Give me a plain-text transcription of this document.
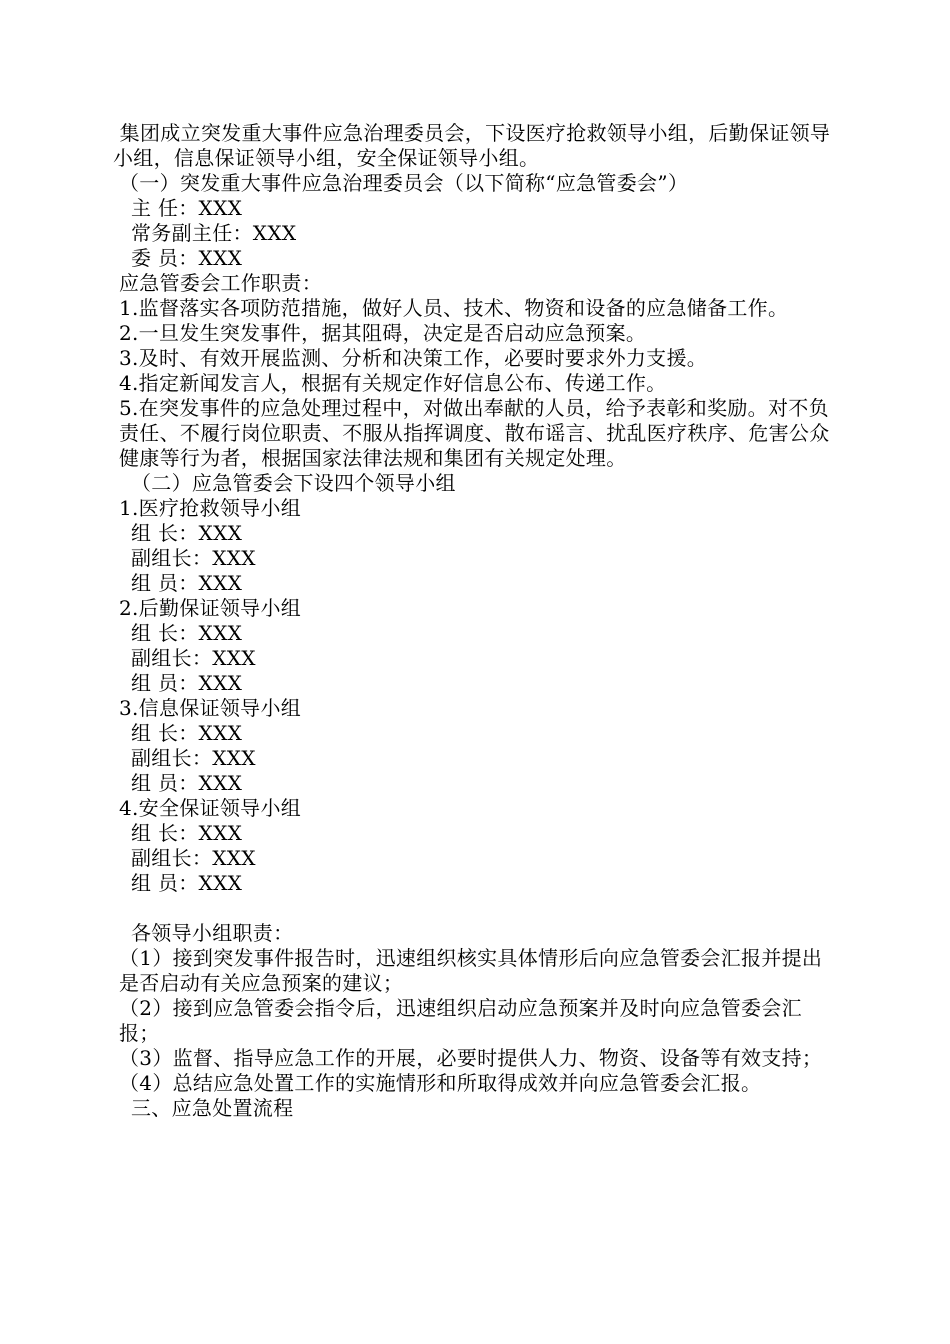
集团成立突发重大事件应急治理委员会，下设医疗抢救领导小组，后勤保证领导小组，信息保证领导小组，安全保证领导小组。

（一）突发重大事件应急治理委员会（以下简称“应急管委会”）

主 任：XXX

常务副主任：XXX

委 员：XXX

应急管委会工作职责：

1.监督落实各项防范措施，做好人员、技术、物资和设备的应急储备工作。

2.一旦发生突发事件，据其阻碍，决定是否启动应急预案。

3.及时、有效开展监测、分析和决策工作，必要时要求外力支援。

4.指定新闻发言人，根据有关规定作好信息公布、传递工作。

5.在突发事件的应急处理过程中，对做出奉献的人员，给予表彰和奖励。对不负责任、不履行岗位职责、不服从指挥调度、散布谣言、扰乱医疗秩序、危害公众健康等行为者，根据国家法律法规和集团有关规定处理。

（二）应急管委会下设四个领导小组

1.医疗抢救领导小组

组 长：XXX

副组长：XXX

组 员：XXX

2.后勤保证领导小组

组 长：XXX

副组长：XXX

组 员：XXX

3.信息保证领导小组

组 长：XXX

副组长：XXX

组 员：XXX

4.安全保证领导小组

组 长：XXX

副组长：XXX

组 员：XXX

各领导小组职责：

（1）接到突发事件报告时，迅速组织核实具体情形后向应急管委会汇报并提出是否启动有关应急预案的建议；

（2）接到应急管委会指令后，迅速组织启动应急预案并及时向应急管委会汇报；

（3）监督、指导应急工作的开展，必要时提供人力、物资、设备等有效支持；

（4）总结应急处置工作的实施情形和所取得成效并向应急管委会汇报。

三、应急处置流程
